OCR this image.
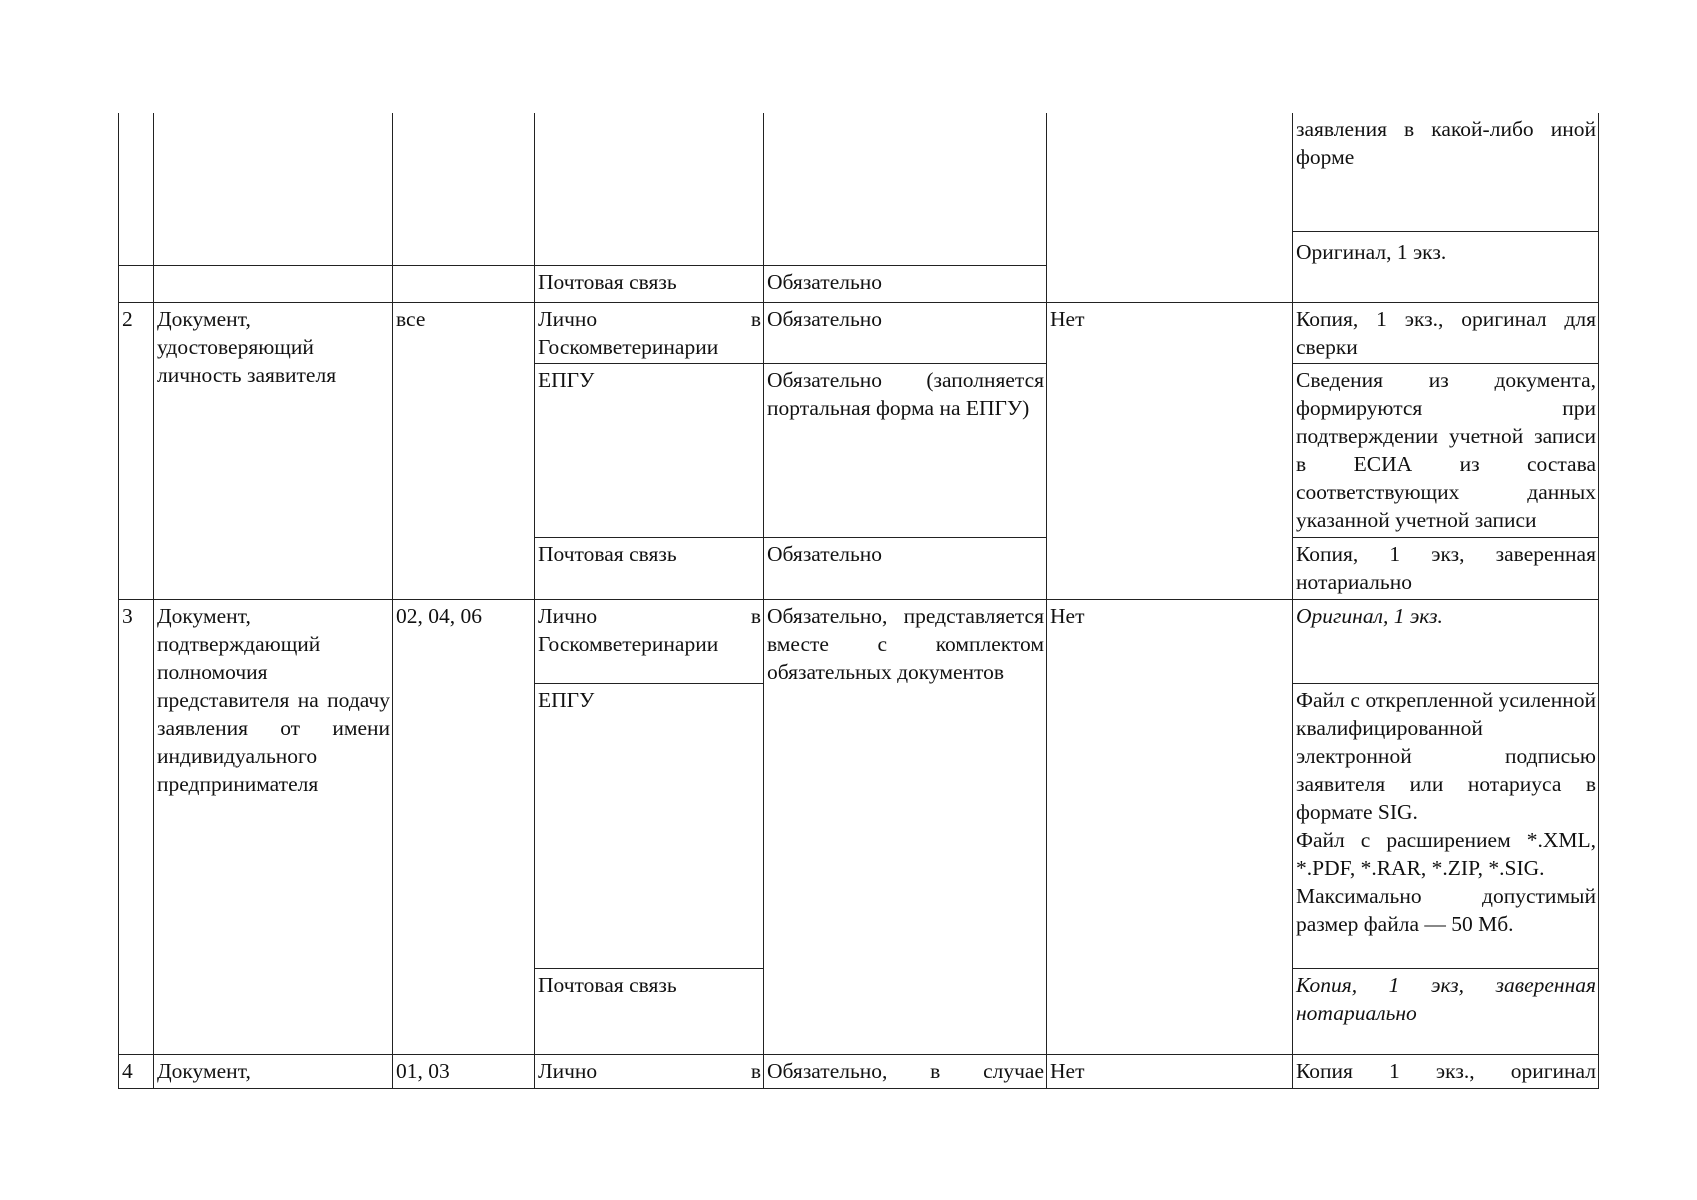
						заявления в какой-либо иной форме
						Оригинал, 1 экз.
			Почтовая связь	Обязательно		
2	Документ, удостоверяющий личность заявителя	все	Лично в Госкомветеринарии	Обязательно	Нет	Копия, 1 экз., оригинал для сверки
			ЕПГУ	Обязательно (заполняется портальная форма на ЕПГУ)		Сведения из документа, формируются при подтверждении учетной записи в ЕСИА из состава соответствующих данных указанной учетной записи
			Почтовая связь	Обязательно		Копия, 1 экз, заверенная нотариально
3	Документ, подтверждающий полномочия представителя на подачу заявления от имени индивидуального предпринимателя	02, 04, 06	Лично в Госкомветеринарии	Обязательно, представляется вместе с комплектом обязательных документов	Нет	Оригинал, 1 экз.
			ЕПГУ			Файл с открепленной усиленной квалифицированной электронной подписью заявителя или нотариуса в формате SIG.
Файл с расширением *.XML, *.PDF, *.RAR, *.ZIP, *.SIG.
Максимально допустимый размер файла — 50 Мб.

			Почтовая связь			Копия, 1 экз, заверенная нотариально
4	Документ,	01, 03	Лично в	Обязательно, в случае	Нет	Копия 1 экз., оригинал
